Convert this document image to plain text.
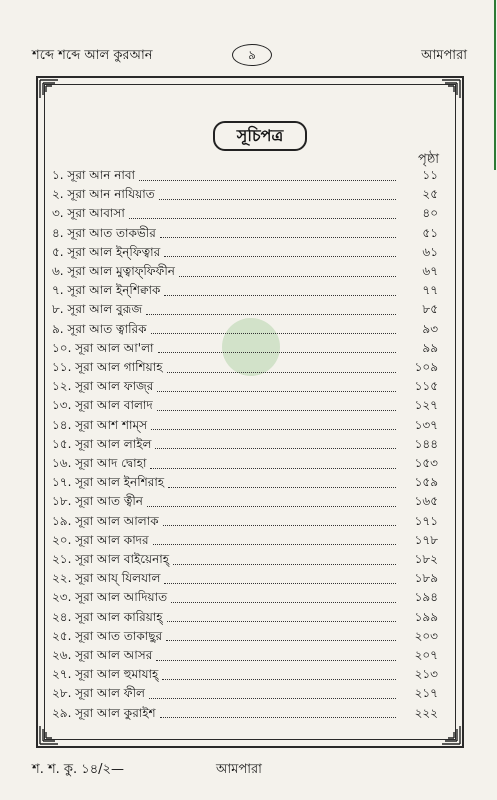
শব্দে শব্দে আল কুরআন	৯	আমপারা
সূচিপত্র
পৃষ্ঠা
১. সূরা আন নাবা	১১
২. সূরা আন নাযিয়াত	২৫
৩. সূরা আবাসা	৪০
৪. সূরা আত তাকভীর	৫১
৫. সূরা আল ইন্‌ফিত্বার	৬১
৬. সূরা আল মুত্বাফ্‌ফিফীন	৬৭
৭. সূরা আল ইন্‌শিক্বাক	৭৭
৮. সূরা আল বুরূজ	৮৫
৯. সূরা আত ত্বারিক	৯৩
১০. সূরা আল আ'লা	৯৯
১১. সূরা আল গাশিয়াহ	১০৯
১২. সূরা আল ফাজ্‌র	১১৫
১৩. সূরা আল বালাদ	১২৭
১৪. সূরা আশ শাম্‌স	১৩৭
১৫. সূরা আল লাইল	১৪৪
১৬. সূরা আদ দ্বোহা	১৫৩
১৭. সূরা আল ইনশিরাহ	১৫৯
১৮. সূরা আত ত্বীন	১৬৫
১৯. সূরা আল আলাক	১৭১
২০. সূরা আল কাদর	১৭৮
২১. সূরা আল বাইয়েনাহ্‌	১৮২
২২. সূরা আয্‌ যিলযাল	১৮৯
২৩. সূরা আল আদিয়াত	১৯৪
২৪. সূরা আল কারিয়াহ্‌	১৯৯
২৫. সূরা আত তাকাছুর	২০৩
২৬. সূরা আল আসর	২০৭
২৭. সূরা আল হুমাযাহ্‌	২১৩
২৮. সূরা আল ফীল	২১৭
২৯. সূরা আল কুরাইশ	২২২
শ. শ. কু. ১৪/২—	আমপারা
